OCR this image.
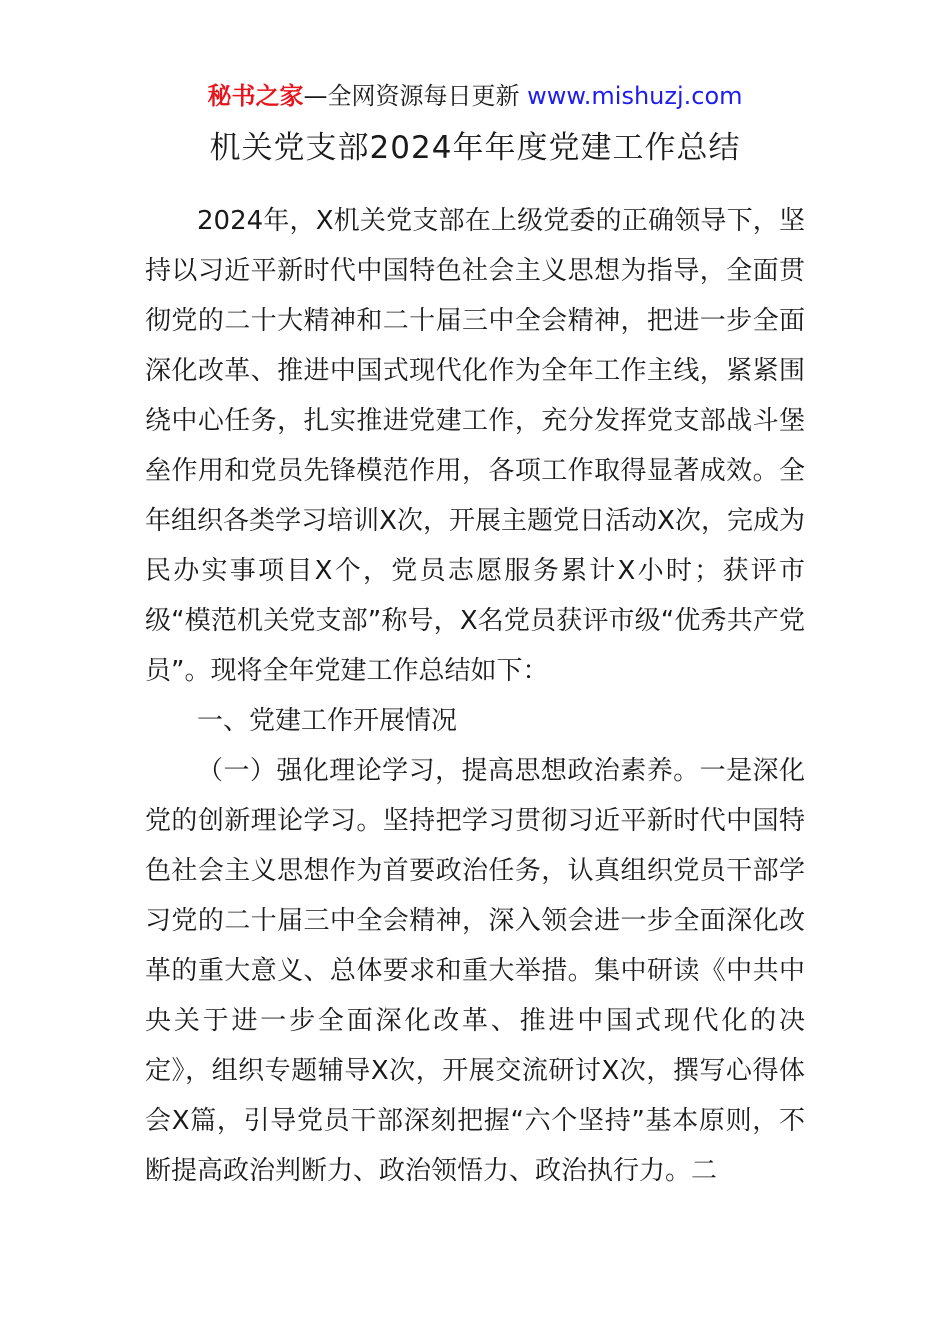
秘书之家—全网资源每日更新 www.mishuzj.com
机关党支部2024年年度党建工作总结

2024年，X机关党支部在上级党委的正确领导下，坚持以习近平新时代中国特色社会主义思想为指导，全面贯彻党的二十大精神和二十届三中全会精神，把进一步全面深化改革、推进中国式现代化作为全年工作主线，紧紧围绕中心任务，扎实推进党建工作，充分发挥党支部战斗堡垒作用和党员先锋模范作用，各项工作取得显著成效。全年组织各类学习培训X次，开展主题党日活动X次，完成为民办实事项目X个，党员志愿服务累计X小时；获评市级“模范机关党支部”称号，X名党员获评市级“优秀共产党员”。现将全年党建工作总结如下：

一、党建工作开展情况

（一）强化理论学习，提高思想政治素养。一是深化党的创新理论学习。坚持把学习贯彻习近平新时代中国特色社会主义思想作为首要政治任务，认真组织党员干部学习党的二十届三中全会精神，深入领会进一步全面深化改革的重大意义、总体要求和重大举措。集中研读《中共中央关于进一步全面深化改革、推进中国式现代化的决定》，组织专题辅导X次，开展交流研讨X次，撰写心得体会X篇，引导党员干部深刻把握“六个坚持”基本原则，不断提高政治判断力、政治领悟力、政治执行力。二
